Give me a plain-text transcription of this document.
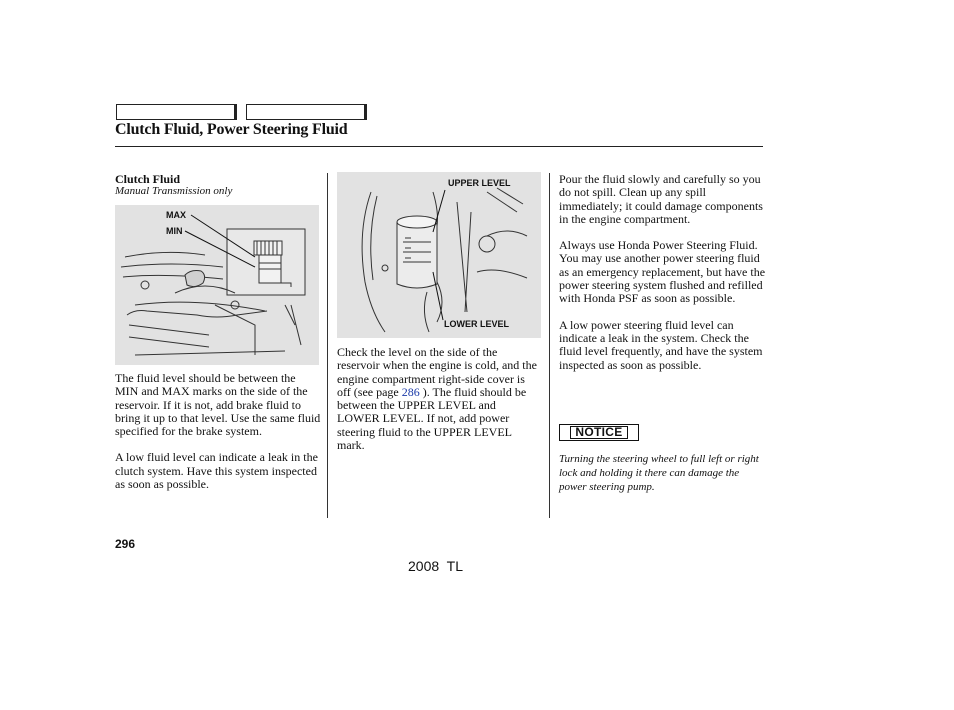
Clutch Fluid, Power Steering Fluid
Clutch Fluid
Manual Transmission only
MAX
MIN

The fluid level should be between the MIN and MAX marks on the side of the reservoir. If it is not, add brake fluid to bring it up to that level. Use the same fluid specified for the brake system.

A low fluid level can indicate a leak in the clutch system. Have this system inspected as soon as possible.

UPPER LEVEL
LOWER LEVEL

Check the level on the side of the reservoir when the engine is cold, and the engine compartment right-side cover is off (see page 286 ). The fluid should be between the UPPER LEVEL and LOWER LEVEL. If not, add power steering fluid to the UPPER LEVEL mark.

Pour the fluid slowly and carefully so you do not spill. Clean up any spill immediately; it could damage components in the engine compartment.

Always use Honda Power Steering Fluid. You may use another power steering fluid as an emergency replacement, but have the power steering system flushed and refilled with Honda PSF as soon as possible.

A low power steering fluid level can indicate a leak in the system. Check the fluid level frequently, and have the system inspected as soon as possible.

NOTICE
Turning the steering wheel to full left or right lock and holding it there can damage the power steering pump.
296
2008  TL
